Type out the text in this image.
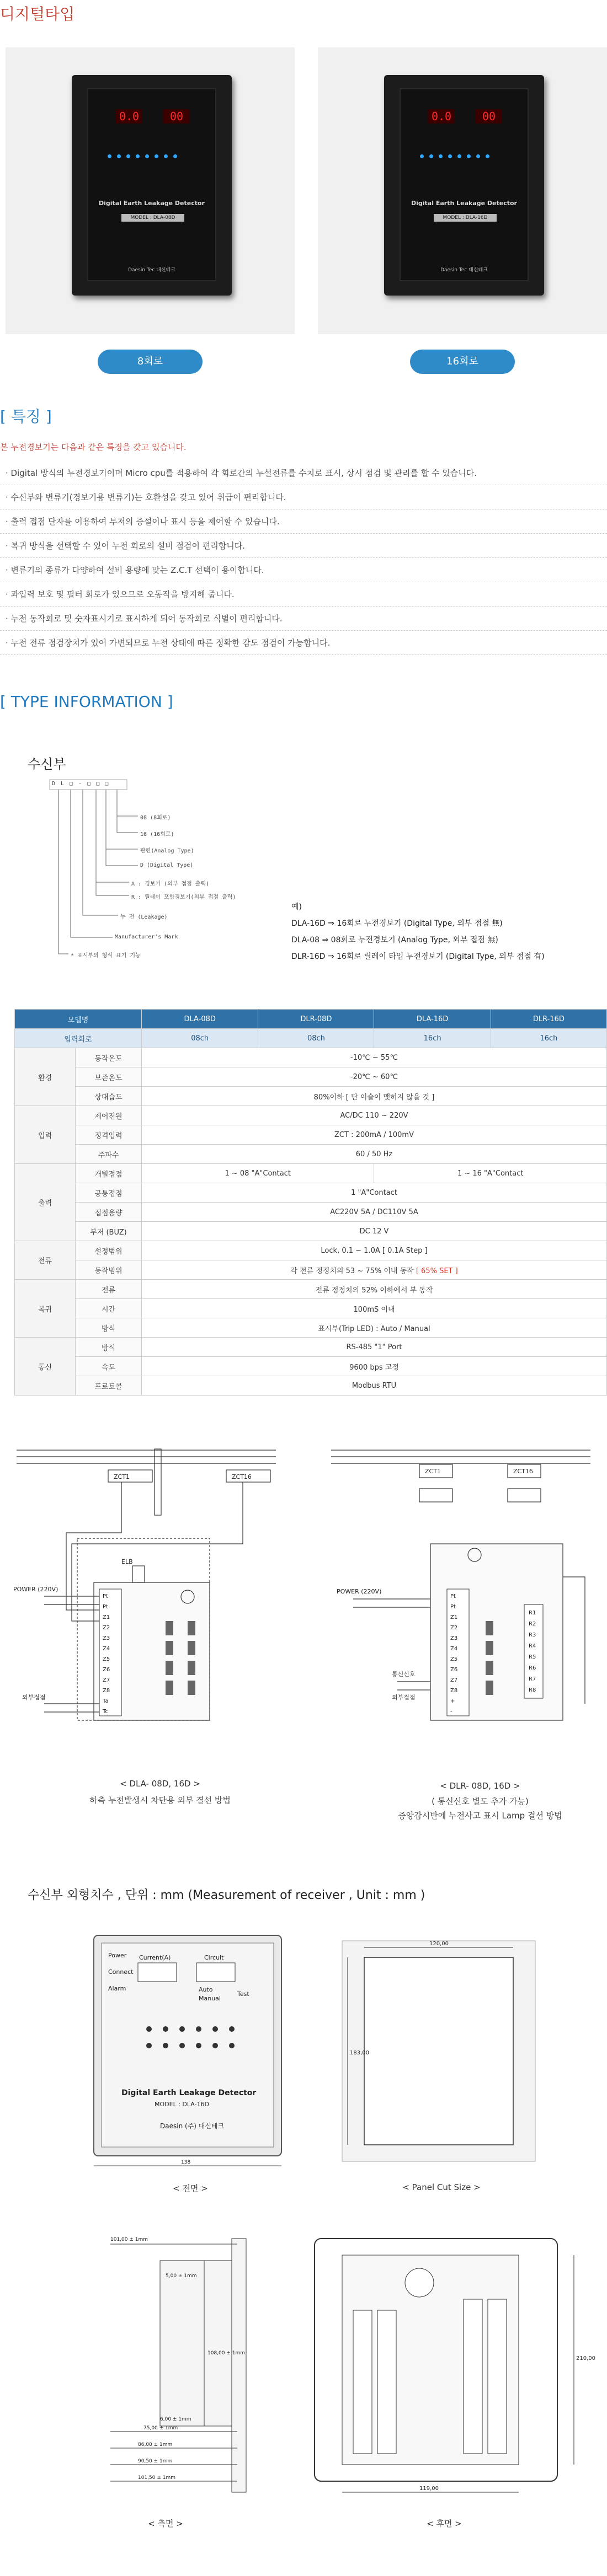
디지털타입
0.0	00
Digital Earth Leakage Detector
MODEL : DLA-08D
Daesin Tec 대신테크
0.0	00
Digital Earth Leakage Detector
MODEL : DLA-16D
Daesin Tec 대신테크
8회로	16회로
[ 특징 ]
본 누전경보기는 다음과 같은 특징을 갖고 있습니다.
· Digital 방식의 누전경보기이며 Micro cpu를 적용하여 각 회로간의 누설전류를 수치로 표시, 상시 점검 및 관리를 할 수 있습니다.
· 수신부와 변류기(경보기용 변류기)는 호환성을 갖고 있어 취급이 편리합니다.
· 출력 접점 단자를 이용하여 부저의 증설이나 표시 등을 제어할 수 있습니다.
· 복귀 방식을 선택할 수 있어 누전 회로의 설비 점검이 편리합니다.
· 변류기의 종류가 다양하여 설비 용량에 맞는 Z.C.T 선택이 용이합니다.
· 과입력 보호 및 필터 회로가 있으므로 오동작을 방지해 줍니다.
· 누전 동작회로 및 숫자표시기로 표시하게 되어 동작회로 식별이 편리합니다.
· 누전 전류 점검장치가 있어 가변되므로 누전 상태에 따른 정확한 감도 점검이 가능합니다.
[ TYPE INFORMATION ]
수신부
D L □ - □ □ □
08 (8회로)
16 (16회로)
관련(Analog Type)
D (Digital Type)
A : 경보기 (외부 접점 출력)
R : 릴레이 포함경보기(외부 접점 출력)
누 전 (Leakage)
Manufacturer's Mark
* 표시부의 형식 표기 기능
예)
DLA-16D ⇒ 16회로 누전경보기 (Digital Type, 외부 접점 無)
DLA-08 ⇒ 08회로 누전경보기 (Analog Type, 외부 접점 無)
DLR-16D ⇒ 16회로 릴레이 타입 누전경보기 (Digital Type, 외부 접점 有)
모델명		DLA-08D	DLR-08D	DLA-16D	DLR-16D
입력회로		08ch	08ch	16ch	16ch
환경	동작온도	-10℃ ~ 55℃			
	보존온도	-20℃ ~ 60℃			
	상대습도	80%이하 [ 단 이슬이 맺히지 않을 것 ]			
입력	제어전원	AC/DC 110 ~ 220V			
	정격입력	ZCT : 200mA / 100mV			
	주파수	60 / 50 Hz			
출력	개별접점	1 ~ 08 "A"Contact		1 ~ 16 "A"Contact	
	공통접점	1 "A"Contact			
	접점용량	AC220V 5A / DC110V 5A			
	부저 (BUZ)	DC 12 V			
전류	설정범위	Lock, 0.1 ~ 1.0A [ 0.1A Step ]			
	동작범위	각 전류 정정치의 53 ~ 75% 이내 동작 [ 65% SET ]			
복귀	전류	전류 정정치의 52% 이하에서 부 동작			
	시간	100mS 이내			
	방식	표시부(Trip LED) : Auto / Manual			
통신	방식	RS-485 "1" Port			
	속도	9600 bps 고정			
	프로토콜	Modbus RTU			
ZCT1	ZCT16
ELB
POWER (220V)
외부접점
ZCT1	ZCT16
POWER (220V)
통신신호
외부접점
Pt
Pt
Z1
Z2
Z3
Z4
Z5
Z6
Z7
Z8
Ta
Tc
Pt
Pt
Z1
Z2
Z3
Z4
Z5
Z6
Z7
Z8
+
-
R1
R2
R3
R4
R5
R6
R7
R8
< DLA- 08D, 16D >
하측 누전발생시 차단용 외부 결선 방법
< DLR- 08D, 16D >
( 통신신호 별도 추가 가능)
중앙감시반에 누전사고 표시 Lamp 결선 방법
수신부 외형치수 , 단위 : mm (Measurement of receiver , Unit : mm )
Power
Alarm
Connect
Current(A)	Circuit
Auto
Manual
Test
Digital Earth Leakage Detector
MODEL : DLA-16D
Daesin (주) 대신테크
138
< 전면 >
120,00
183,00
< Panel Cut Size >
101,00 ± 1mm
5,00 ± 1mm
108,00 ± 1mm
6,00 ± 1mm
75,00 ± 1mm
86,00 ± 1mm
90,50 ± 1mm
101,50 ± 1mm
< 측면 >
119,00
210,00
< 후면 >
